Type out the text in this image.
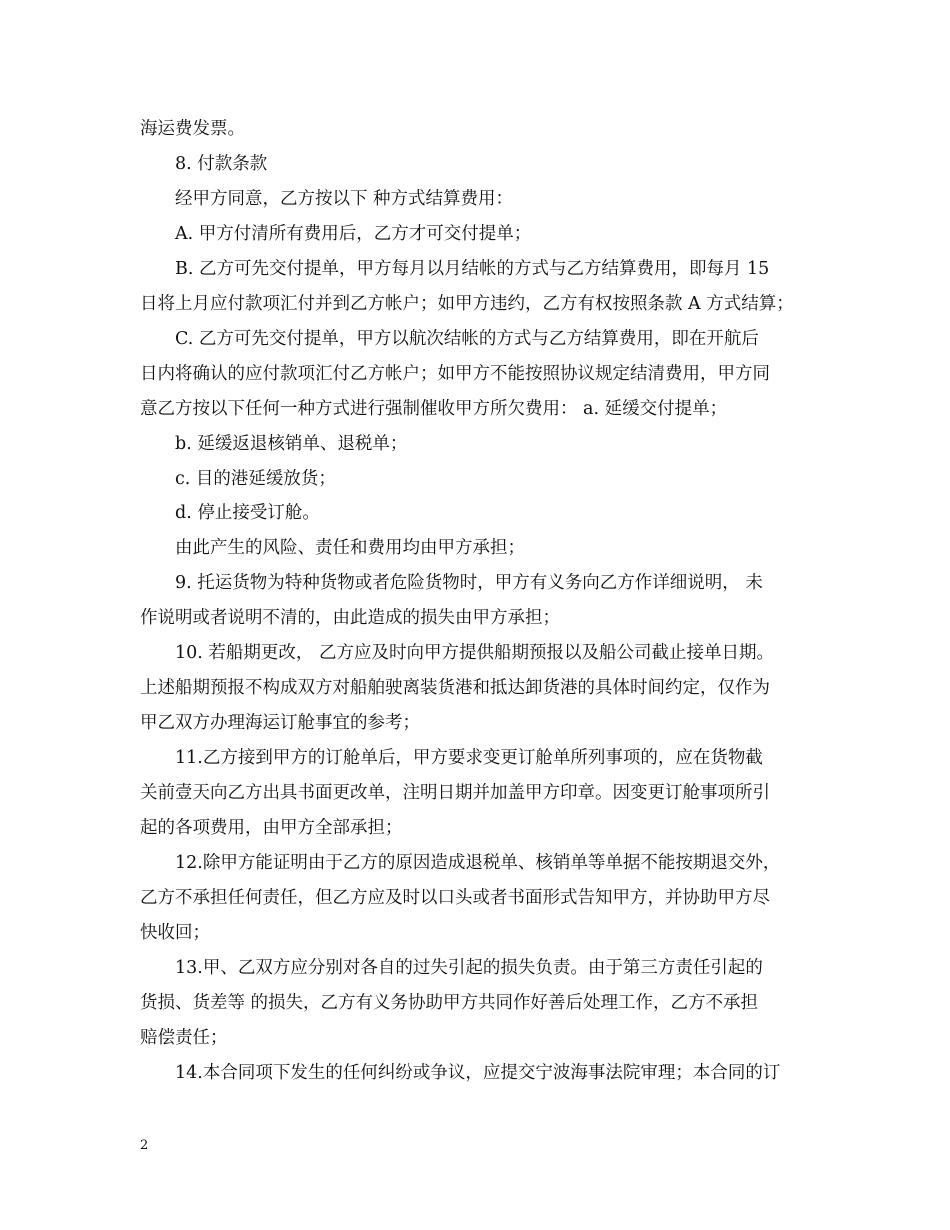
海运费发票。
8. 付款条款
经甲方同意，乙方按以下 种方式结算费用：
A. 甲方付清所有费用后，乙方才可交付提单；
B. 乙方可先交付提单，甲方每月以月结帐的方式与乙方结算费用，即每月 15
日将上月应付款项汇付并到乙方帐户；如甲方违约，乙方有权按照条款 A 方式结算；
C. 乙方可先交付提单，甲方以航次结帐的方式与乙方结算费用，即在开航后
日内将确认的应付款项汇付乙方帐户；如甲方不能按照协议规定结清费用，甲方同
意乙方按以下任何一种方式进行强制催收甲方所欠费用： a. 延缓交付提单；
b. 延缓返退核销单、退税单；
c. 目的港延缓放货；
d. 停止接受订舱。
由此产生的风险、责任和费用均由甲方承担；
9. 托运货物为特种货物或者危险货物时，甲方有义务向乙方作详细说明， 未
作说明或者说明不清的，由此造成的损失由甲方承担；
10. 若船期更改， 乙方应及时向甲方提供船期预报以及船公司截止接单日期。
上述船期预报不构成双方对船舶驶离装货港和抵达卸货港的具体时间约定，仅作为
甲乙双方办理海运订舱事宜的参考；
11.乙方接到甲方的订舱单后，甲方要求变更订舱单所列事项的，应在货物截
关前壹天向乙方出具书面更改单，注明日期并加盖甲方印章。因变更订舱事项所引
起的各项费用，由甲方全部承担；
12.除甲方能证明由于乙方的原因造成退税单、核销单等单据不能按期退交外，
乙方不承担任何责任，但乙方应及时以口头或者书面形式告知甲方，并协助甲方尽
快收回；
13.甲、乙双方应分别对各自的过失引起的损失负责。由于第三方责任引起的
货损、货差等 的损失，乙方有义务协助甲方共同作好善后处理工作，乙方不承担
赔偿责任；
14.本合同项下发生的任何纠纷或争议，应提交宁波海事法院审理；本合同的订
2
